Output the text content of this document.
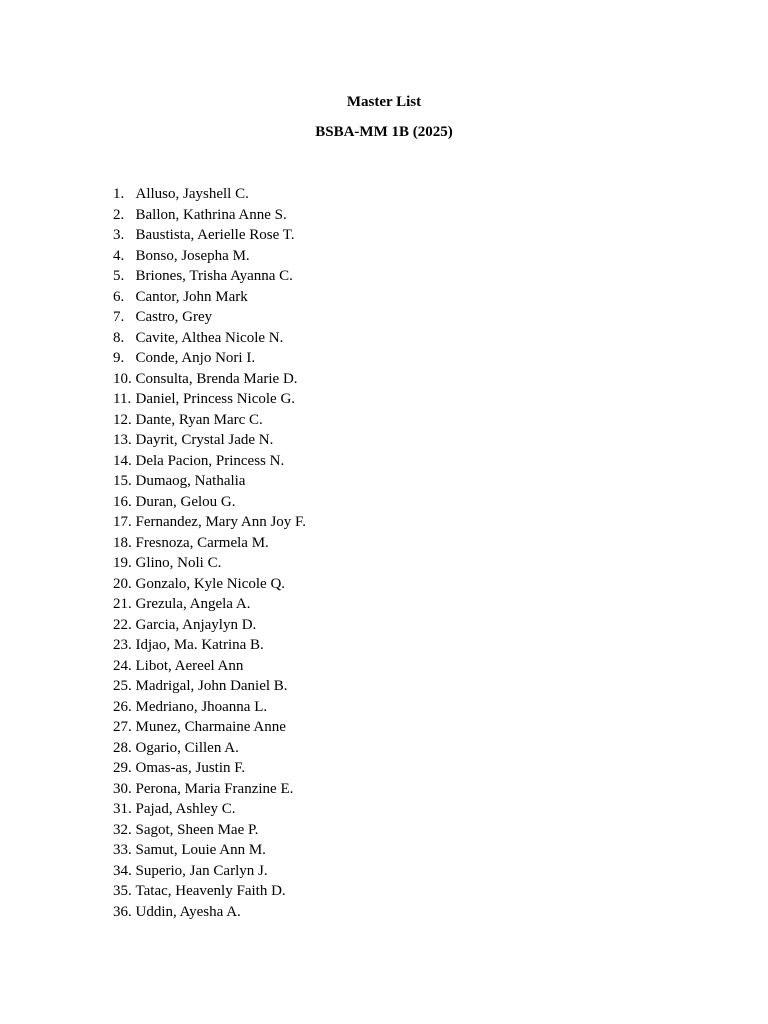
Master List
BSBA-MM 1B (2025)
1. Alluso, Jayshell C.
2. Ballon, Kathrina Anne S.
3. Baustista, Aerielle Rose T.
4. Bonso, Josepha M.
5. Briones, Trisha Ayanna C.
6. Cantor, John Mark
7. Castro, Grey
8. Cavite, Althea Nicole N.
9. Conde, Anjo Nori I.
10. Consulta, Brenda Marie D.
11. Daniel, Princess Nicole G.
12. Dante, Ryan Marc C.
13. Dayrit, Crystal Jade N.
14. Dela Pacion, Princess N.
15. Dumaog, Nathalia
16. Duran, Gelou G.
17. Fernandez, Mary Ann Joy F.
18. Fresnoza, Carmela M.
19. Glino, Noli C.
20. Gonzalo, Kyle Nicole Q.
21. Grezula, Angela A.
22. Garcia, Anjaylyn D.
23. Idjao, Ma. Katrina B.
24. Libot, Aereel Ann
25. Madrigal, John Daniel B.
26. Medriano, Jhoanna L.
27. Munez, Charmaine Anne
28. Ogario, Cillen A.
29. Omas-as, Justin F.
30. Perona, Maria Franzine E.
31. Pajad, Ashley C.
32. Sagot, Sheen Mae P.
33. Samut, Louie Ann M.
34. Superio, Jan Carlyn J.
35. Tatac, Heavenly Faith D.
36. Uddin, Ayesha A.
